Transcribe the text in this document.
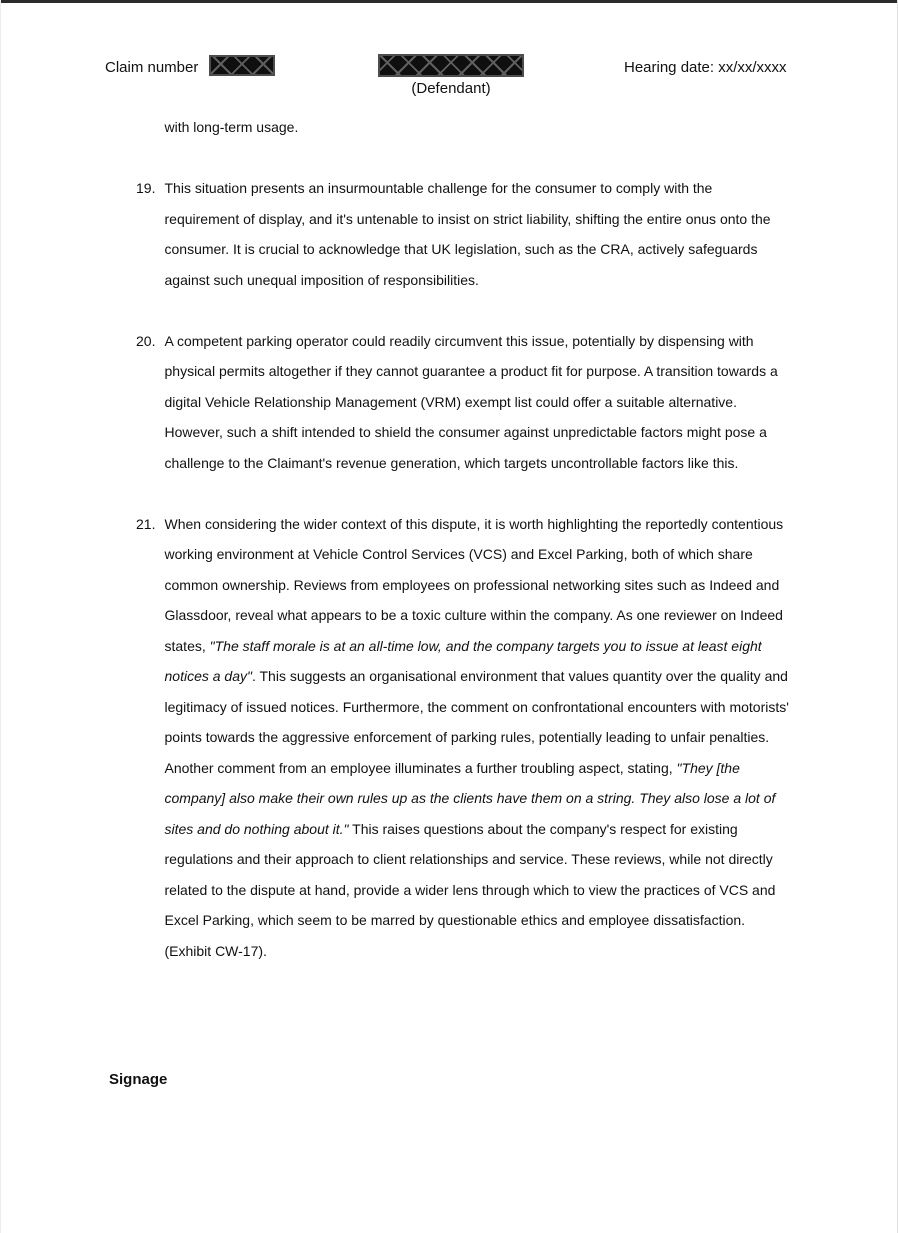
Claim number
(Defendant)
Hearing date: xx/xx/xxxx
with long-term usage.
19. This situation presents an insurmountable challenge for the consumer to comply with the requirement of display, and it's untenable to insist on strict liability, shifting the entire onus onto the consumer. It is crucial to acknowledge that UK legislation, such as the CRA, actively safeguards against such unequal imposition of responsibilities.
20. A competent parking operator could readily circumvent this issue, potentially by dispensing with physical permits altogether if they cannot guarantee a product fit for purpose. A transition towards a digital Vehicle Relationship Management (VRM) exempt list could offer a suitable alternative. However, such a shift intended to shield the consumer against unpredictable factors might pose a challenge to the Claimant's revenue generation, which targets uncontrollable factors like this.
21. When considering the wider context of this dispute, it is worth highlighting the reportedly contentious working environment at Vehicle Control Services (VCS) and Excel Parking, both of which share common ownership. Reviews from employees on professional networking sites such as Indeed and Glassdoor, reveal what appears to be a toxic culture within the company. As one reviewer on Indeed states, "The staff morale is at an all-time low, and the company targets you to issue at least eight notices a day". This suggests an organisational environment that values quantity over the quality and legitimacy of issued notices. Furthermore, the comment on confrontational encounters with motorists' points towards the aggressive enforcement of parking rules, potentially leading to unfair penalties. Another comment from an employee illuminates a further troubling aspect, stating, "They [the company] also make their own rules up as the clients have them on a string. They also lose a lot of sites and do nothing about it." This raises questions about the company's respect for existing regulations and their approach to client relationships and service. These reviews, while not directly related to the dispute at hand, provide a wider lens through which to view the practices of VCS and Excel Parking, which seem to be marred by questionable ethics and employee dissatisfaction. (Exhibit CW-17).
Signage
